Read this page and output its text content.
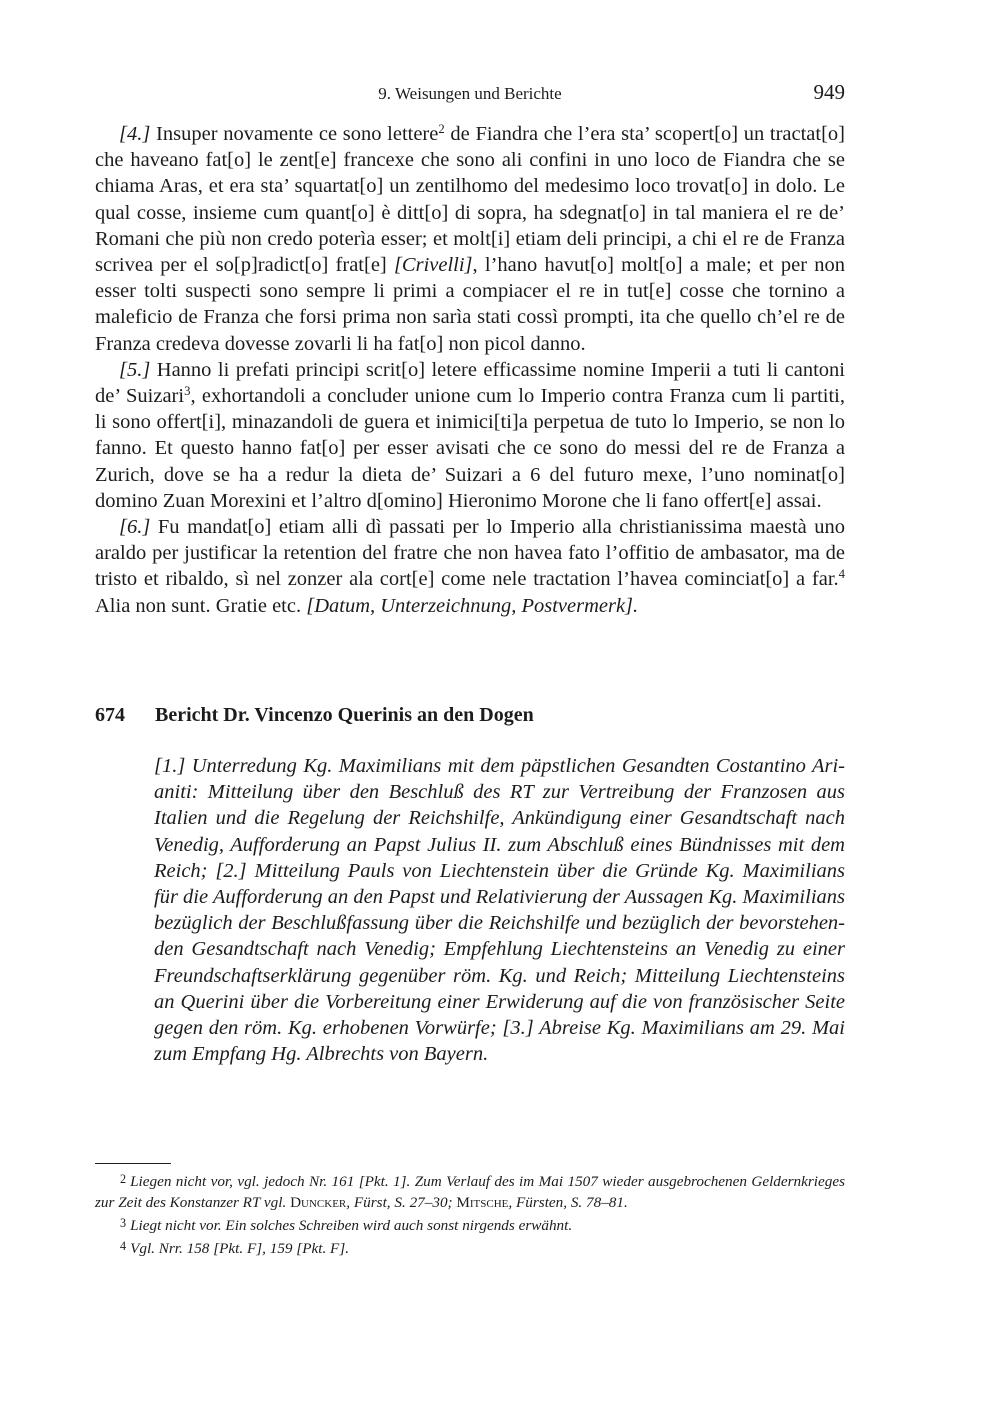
9. Weisungen und Berichte	949

[4.] Insuper novamente ce sono lettere$^2$ de Fiandra che l’era sta’ scopert[o] un tractat[o] che haveano fat[o] le zent[e] francexe che sono ali confini in uno loco de Fiandra che se chiama Aras, et era sta’ squartat[o] un zentilhomo del medesimo loco trovat[o] in dolo. Le qual cosse, insieme cum quant[o] è ditt[o] di sopra, ha sdegnat[o] in tal maniera el re de’ Romani che più non credo poterìa esser; et molt[i] etiam deli principi, a chi el re de Franza scrivea per el so[p]radict[o] frat[e] [Crivelli], l’hano havut[o] molt[o] a male; et per non esser tolti suspecti sono sempre li primi a compiacer el re in tut[e] cosse che tornino a maleficio de Franza che forsi prima non sarìa stati cossì prompti, ita che quello ch’el re de Franza credeva dovesse zovarli li ha fat[o] non picol danno.

[5.] Hanno li prefati principi scrit[o] letere efficassime nomine Imperii a tuti li cantoni de’ Suizari$^3$, exhortandoli a concluder unione cum lo Imperio contra Franza cum li partiti, li sono offert[i], minazandoli de guera et inimici[ti]a perpetua de tuto lo Imperio, se non lo fanno. Et questo hanno fat[o] per esser avisati che ce sono do messi del re de Franza a Zurich, dove se ha a redur la dieta de’ Suizari a 6 del futuro mexe, l’uno nominat[o] domino Zuan Morexini et l’altro d[omino] Hieronimo Morone che li fano offert[e] assai.

[6.] Fu mandat[o] etiam alli dì passati per lo Imperio alla christianissima maestà uno araldo per justificar la retention del fratre che non havea fato l’offitio de ambasator, ma de tristo et ribaldo, sì nel zonzer ala cort[e] come nele tractation l’havea cominciat[o] a far.$^4$ Alia non sunt. Gratie etc. [Datum, Unterzeichnung, Postvermerk].

674 Bericht Dr. Vincenzo Querinis an den Dogen

[1.] Unterredung Kg. Maximilians mit dem päpstlichen Gesandten Costantino Arianiti: Mitteilung über den Beschluß des RT zur Vertreibung der Franzosen aus Italien und die Regelung der Reichshilfe, Ankündigung einer Gesandtschaft nach Venedig, Aufforderung an Papst Julius II. zum Abschluß eines Bündnisses mit dem Reich; [2.] Mitteilung Pauls von Liechtenstein über die Gründe Kg. Maximilians für die Aufforderung an den Papst und Relativierung der Aussagen Kg. Maximilians bezüglich der Beschlußfassung über die Reichshilfe und bezüglich der bevorstehenden Gesandtschaft nach Venedig; Empfehlung Liechtensteins an Venedig zu einer Freundschaftserklärung gegenüber röm. Kg. und Reich; Mitteilung Liechtensteins an Querini über die Vorbereitung einer Erwiderung auf die von französischer Seite gegen den röm. Kg. erhobenen Vorwürfe; [3.] Abreise Kg. Maximilians am 29. Mai zum Empfang Hg. Albrechts von Bayern.

$^2$ Liegen nicht vor, vgl. jedoch Nr. 161 [Pkt. 1]. Zum Verlauf des im Mai 1507 wieder ausgebrochenen Geldernkrieges zur Zeit des Konstanzer RT vgl. Duncker, Fürst, S. 27–30; Mitsche, Fürsten, S. 78–81.

$^3$ Liegt nicht vor. Ein solches Schreiben wird auch sonst nirgends erwähnt.

$^4$ Vgl. Nrr. 158 [Pkt. F], 159 [Pkt. F].
